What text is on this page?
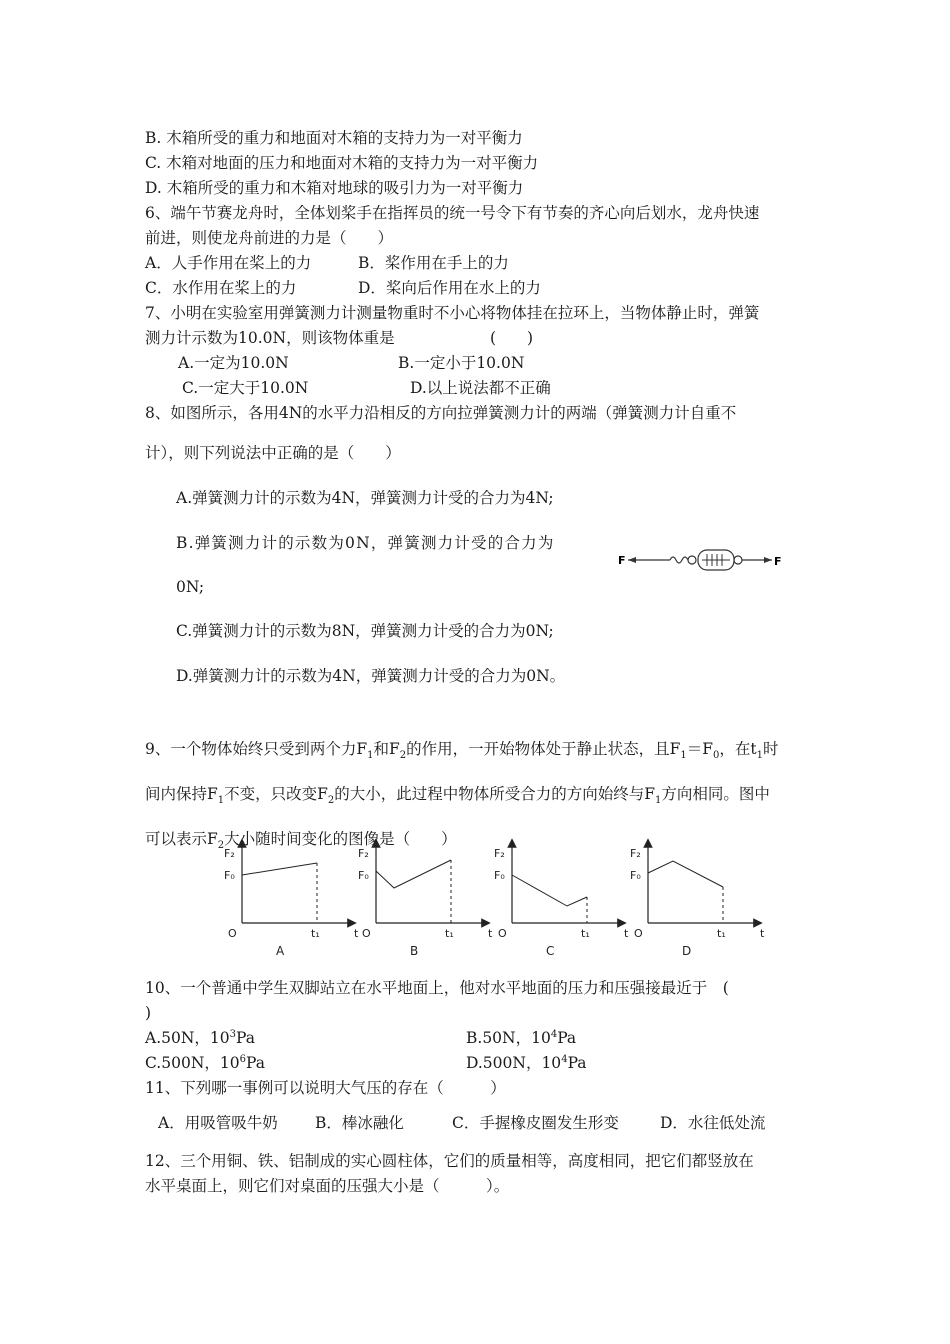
B. 木箱所受的重力和地面对木箱的支持力为一对平衡力
C. 木箱对地面的压力和地面对木箱的支持力为一对平衡力
D. 木箱所受的重力和木箱对地球的吸引力为一对平衡力
6、端午节赛龙舟时，全体划桨手在指挥员的统一号令下有节奏的齐心向后划水，龙舟快速
前进，则使龙舟前进的力是（　　）
A．人手作用在桨上的力	B．桨作用在手上的力
C．水作用在桨上的力	D．桨向后作用在水上的力
7、小明在实验室用弹簧测力计测量物重时不小心将物体挂在拉环上，当物体静止时，弹簧
测力计示数为10.0N，则该物体重是	(　　)
A.一定为10.0N	B.一定小于10.0N
C.一定大于10.0N	D.以上说法都不正确
8、如图所示，各用4N的水平力沿相反的方向拉弹簧测力计的两端（弹簧测力计自重不
计），则下列说法中正确的是（　　）
A.弹簧测力计的示数为4N，弹簧测力计受的合力为4N;
B.弹簧测力计的示数为0N，弹簧测力计受的合力为
0N;
C.弹簧测力计的示数为8N，弹簧测力计受的合力为0N;
D.弹簧测力计的示数为4N，弹簧测力计受的合力为0N。
F	F
9、一个物体始终只受到两个力$F_1$和$F_2$的作用，一开始物体处于静止状态，且$F_1=F_0$，在$t_1$时
间内保持$F_1$不变，只改变$F_2$的大小，此过程中物体所受合力的方向始终与$F_1$方向相同。图中
可以表示$F_2$大小随时间变化的图像是（　　）
F₂
F₀
O	t₁	t
A
F₂
F₀
O	t₁	t
B
F₂
F₀
O	t₁	t
C
F₂
F₀
O	t₁	t
D
10、一个普通中学生双脚站立在水平地面上，他对水平地面的压力和压强接最近于　(
)
A.50N，$10^3Pa$	B.50N，$10^4Pa$
C.500N，$10^6Pa$	D.500N，$10^4Pa$
11、下列哪一事例可以说明大气压的存在（　　　）
A．用吸管吸牛奶 B．棒冰融化	C．手握橡皮圈发生形变	D．水往低处流
12、三个用铜、铁、铝制成的实心圆柱体，它们的质量相等，高度相同，把它们都竖放在
水平桌面上，则它们对桌面的压强大小是（　　　）。
